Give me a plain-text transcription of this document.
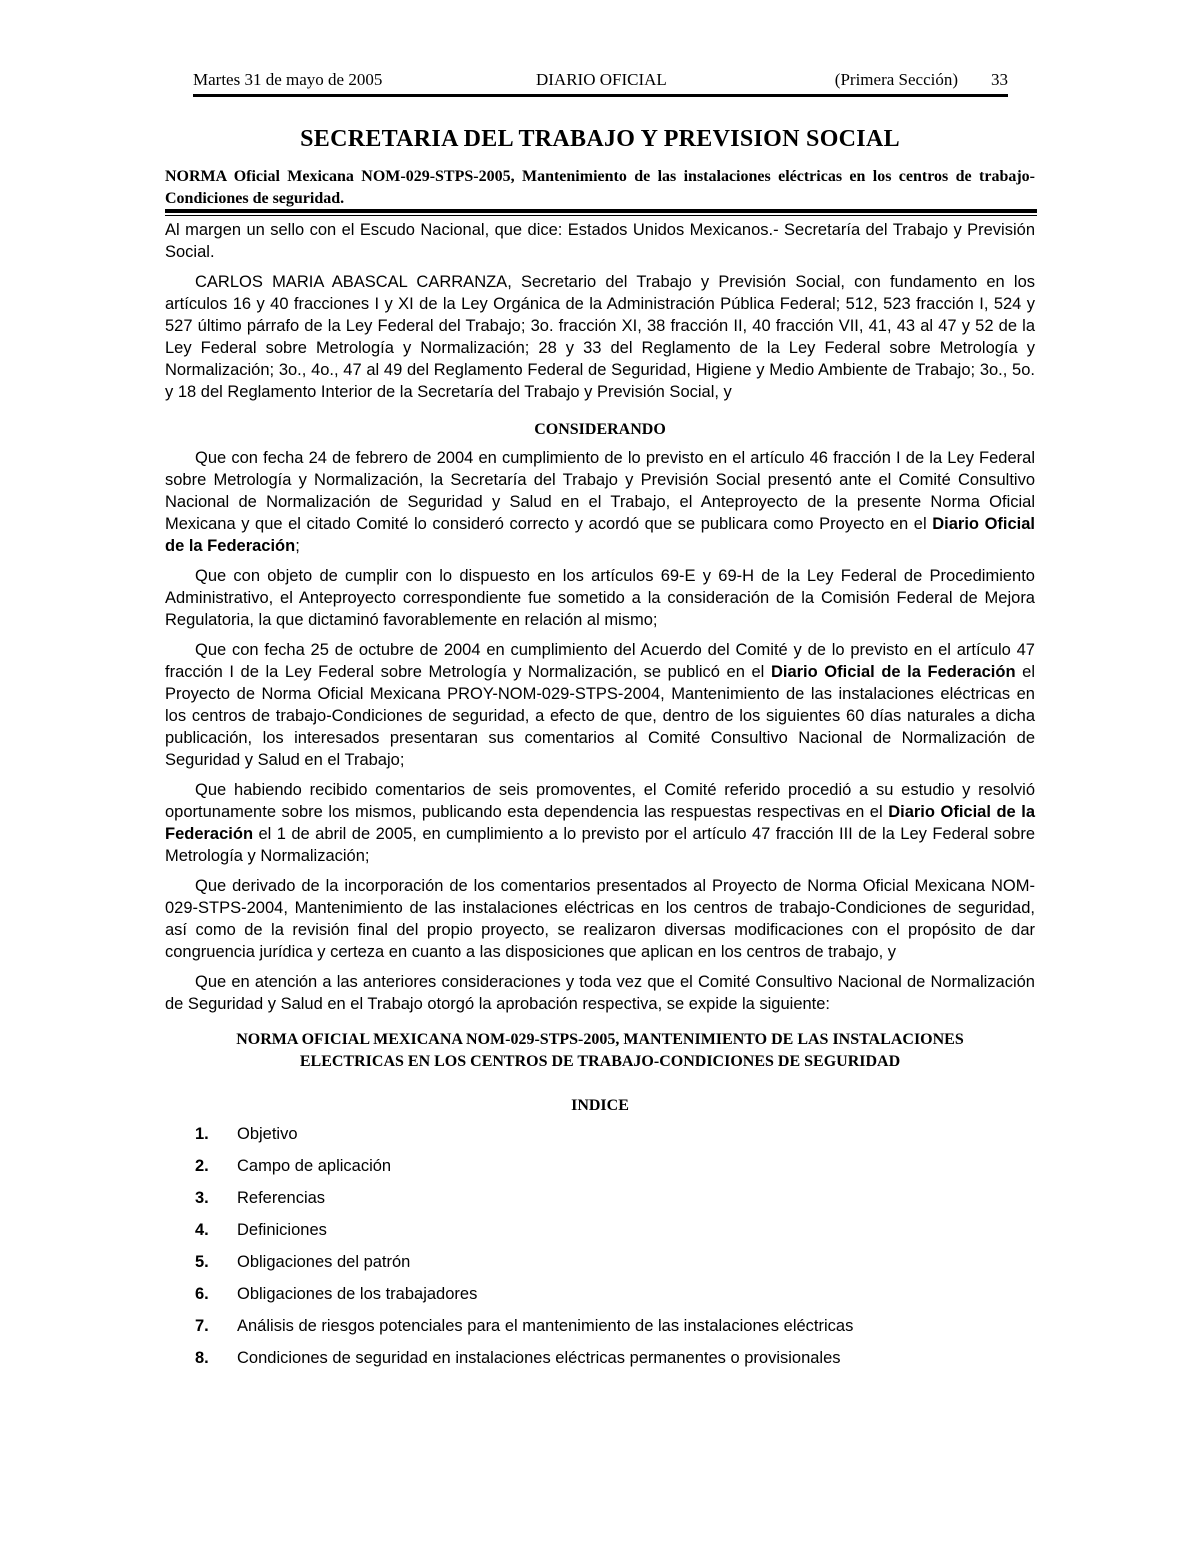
Martes 31 de mayo de 2005	DIARIO OFICIAL	(Primera Sección) 33
SECRETARIA DEL TRABAJO Y PREVISION SOCIAL
NORMA Oficial Mexicana NOM-029-STPS-2005, Mantenimiento de las instalaciones eléctricas en los centros de trabajo-Condiciones de seguridad.

Al margen un sello con el Escudo Nacional, que dice: Estados Unidos Mexicanos.- Secretaría del Trabajo y Previsión Social.

CARLOS MARIA ABASCAL CARRANZA, Secretario del Trabajo y Previsión Social, con fundamento en los artículos 16 y 40 fracciones I y XI de la Ley Orgánica de la Administración Pública Federal; 512, 523 fracción I, 524 y 527 último párrafo de la Ley Federal del Trabajo; 3o. fracción XI, 38 fracción II, 40 fracción VII, 41, 43 al 47 y 52 de la Ley Federal sobre Metrología y Normalización; 28 y 33 del Reglamento de la Ley Federal sobre Metrología y Normalización; 3o., 4o., 47 al 49 del Reglamento Federal de Seguridad, Higiene y Medio Ambiente de Trabajo; 3o., 5o. y 18 del Reglamento Interior de la Secretaría del Trabajo y Previsión Social, y

CONSIDERANDO

Que con fecha 24 de febrero de 2004 en cumplimiento de lo previsto en el artículo 46 fracción I de la Ley Federal sobre Metrología y Normalización, la Secretaría del Trabajo y Previsión Social presentó ante el Comité Consultivo Nacional de Normalización de Seguridad y Salud en el Trabajo, el Anteproyecto de la presente Norma Oficial Mexicana y que el citado Comité lo consideró correcto y acordó que se publicara como Proyecto en el Diario Oficial de la Federación;

Que con objeto de cumplir con lo dispuesto en los artículos 69-E y 69-H de la Ley Federal de Procedimiento Administrativo, el Anteproyecto correspondiente fue sometido a la consideración de la Comisión Federal de Mejora Regulatoria, la que dictaminó favorablemente en relación al mismo;

Que con fecha 25 de octubre de 2004 en cumplimiento del Acuerdo del Comité y de lo previsto en el artículo 47 fracción I de la Ley Federal sobre Metrología y Normalización, se publicó en el Diario Oficial de la Federación el Proyecto de Norma Oficial Mexicana PROY-NOM-029-STPS-2004, Mantenimiento de las instalaciones eléctricas en los centros de trabajo-Condiciones de seguridad, a efecto de que, dentro de los siguientes 60 días naturales a dicha publicación, los interesados presentaran sus comentarios al Comité Consultivo Nacional de Normalización de Seguridad y Salud en el Trabajo;

Que habiendo recibido comentarios de seis promoventes, el Comité referido procedió a su estudio y resolvió oportunamente sobre los mismos, publicando esta dependencia las respuestas respectivas en el Diario Oficial de la Federación el 1 de abril de 2005, en cumplimiento a lo previsto por el artículo 47 fracción III de la Ley Federal sobre Metrología y Normalización;

Que derivado de la incorporación de los comentarios presentados al Proyecto de Norma Oficial Mexicana NOM-029-STPS-2004, Mantenimiento de las instalaciones eléctricas en los centros de trabajo-Condiciones de seguridad, así como de la revisión final del propio proyecto, se realizaron diversas modificaciones con el propósito de dar congruencia jurídica y certeza en cuanto a las disposiciones que aplican en los centros de trabajo, y

Que en atención a las anteriores consideraciones y toda vez que el Comité Consultivo Nacional de Normalización de Seguridad y Salud en el Trabajo otorgó la aprobación respectiva, se expide la siguiente:

NORMA OFICIAL MEXICANA NOM-029-STPS-2005, MANTENIMIENTO DE LAS INSTALACIONES
ELECTRICAS EN LOS CENTROS DE TRABAJO-CONDICIONES DE SEGURIDAD
INDICE
1. Objetivo
2. Campo de aplicación
3. Referencias
4. Definiciones
5. Obligaciones del patrón
6. Obligaciones de los trabajadores
7. Análisis de riesgos potenciales para el mantenimiento de las instalaciones eléctricas
8. Condiciones de seguridad en instalaciones eléctricas permanentes o provisionales
